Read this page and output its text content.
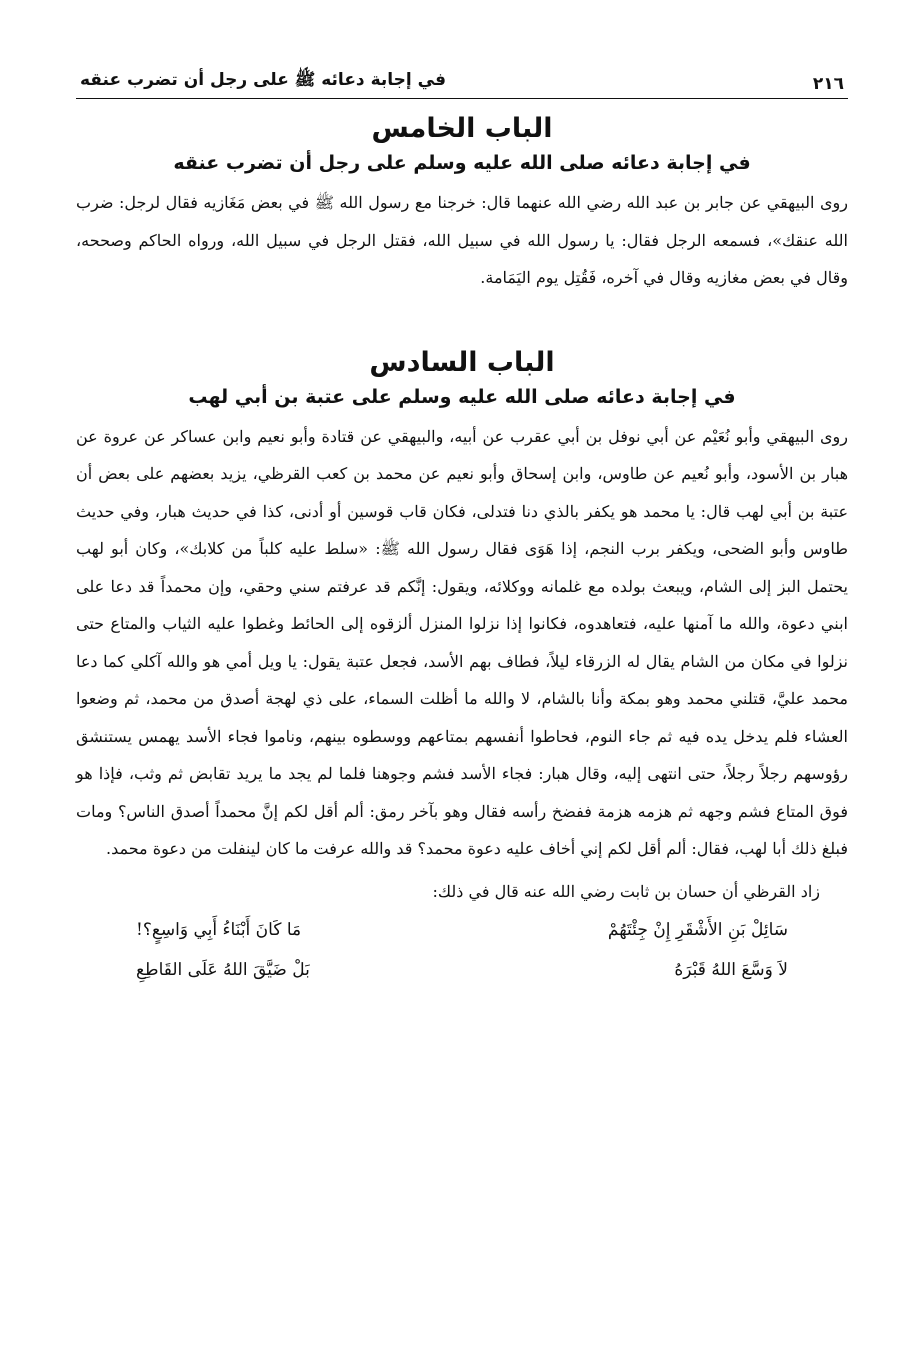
٢١٦
في إجابة دعائه ﷺ على رجل أن تضرب عنقه
الباب الخامس
في إجابة دعائه صلى الله عليه وسلم على رجل أن تضرب عنقه

روى البيهقي عن جابر بن عبد الله رضي الله عنهما قال: خرجنا مع رسول الله ﷺ في بعض مَغَازيه فقال لرجل: ضرب الله عنقك»، فسمعه الرجل فقال: يا رسول الله في سبيل الله، فقتل الرجل في سبيل الله، ورواه الحاكم وصححه، وقال في بعض مغازيه وقال في آخره، فَقُتِل يوم اليَمَامة.

الباب السادس
في إجابة دعائه صلى الله عليه وسلم على عتبة بن أبي لهب

روى البيهقي وأبو نُعَيْم عن أبي نوفل بن أبي عقرب عن أبيه، والبيهقي عن قتادة وأبو نعيم وابن عساكر عن عروة عن هبار بن الأسود، وأبو نُعيم عن طاوس، وابن إسحاق وأبو نعيم عن محمد بن كعب القرظي، يزيد بعضهم على بعض أن عتبة بن أبي لهب قال: يا محمد هو يكفر بالذي دنا فتدلى، فكان قاب قوسين أو أدنى، كذا في حديث هبار، وفي حديث طاوس وأبو الضحى، ويكفر برب النجم، إذا هَوَى فقال رسول الله ﷺ: «سلط عليه كلباً من كلابك»، وكان أبو لهب يحتمل البز إلى الشام، ويبعث بولده مع غلمانه ووكلائه، ويقول: إنَّكم قد عرفتم سني وحقي، وإن محمداً قد دعا على ابني دعوة، والله ما آمنها عليه، فتعاهدوه، فكانوا إذا نزلوا المنزل ألزقوه إلى الحائط وغطوا عليه الثياب والمتاع حتى نزلوا في مكان من الشام يقال له الزرقاء ليلاً، فطاف بهم الأسد، فجعل عتبة يقول: يا ويل أمي هو والله آكلي كما دعا محمد عليَّ، قتلني محمد وهو بمكة وأنا بالشام، لا والله ما أظلت السماء، على ذي لهجة أصدق من محمد، ثم وضعوا العشاء فلم يدخل يده فيه ثم جاء النوم، فحاطوا أنفسهم بمتاعهم ووسطوه بينهم، وناموا فجاء الأسد يهمس يستنشق رؤوسهم رجلاً رجلاً، حتى انتهى إليه، وقال هبار: فجاء الأسد فشم وجوهنا فلما لم يجد ما يريد تقابض ثم وثب، فإذا هو فوق المتاع فشم وجهه ثم هزمه هزمة ففضخ رأسه فقال وهو بآخر رمق: ألم أقل لكم إنَّ محمداً أصدق الناس؟ ومات فبلغ ذلك أبا لهب، فقال: ألم أقل لكم إني أخاف عليه دعوة محمد؟ قد والله عرفت ما كان لينفلت من دعوة محمد.

زاد القرظي أن حسان بن ثابت رضي الله عنه قال في ذلك:
سَائِلْ بَنِ الأَشْقَرِ إِنْ جِئْتَهُمْ
مَا كَانَ أَبْنَاءُ أَبِي وَاسِعٍ؟!
لاَ وَسَّعَ اللهُ قَبْرَهُ
بَلْ ضَيَّقَ اللهُ عَلَى القَاطِعِ
